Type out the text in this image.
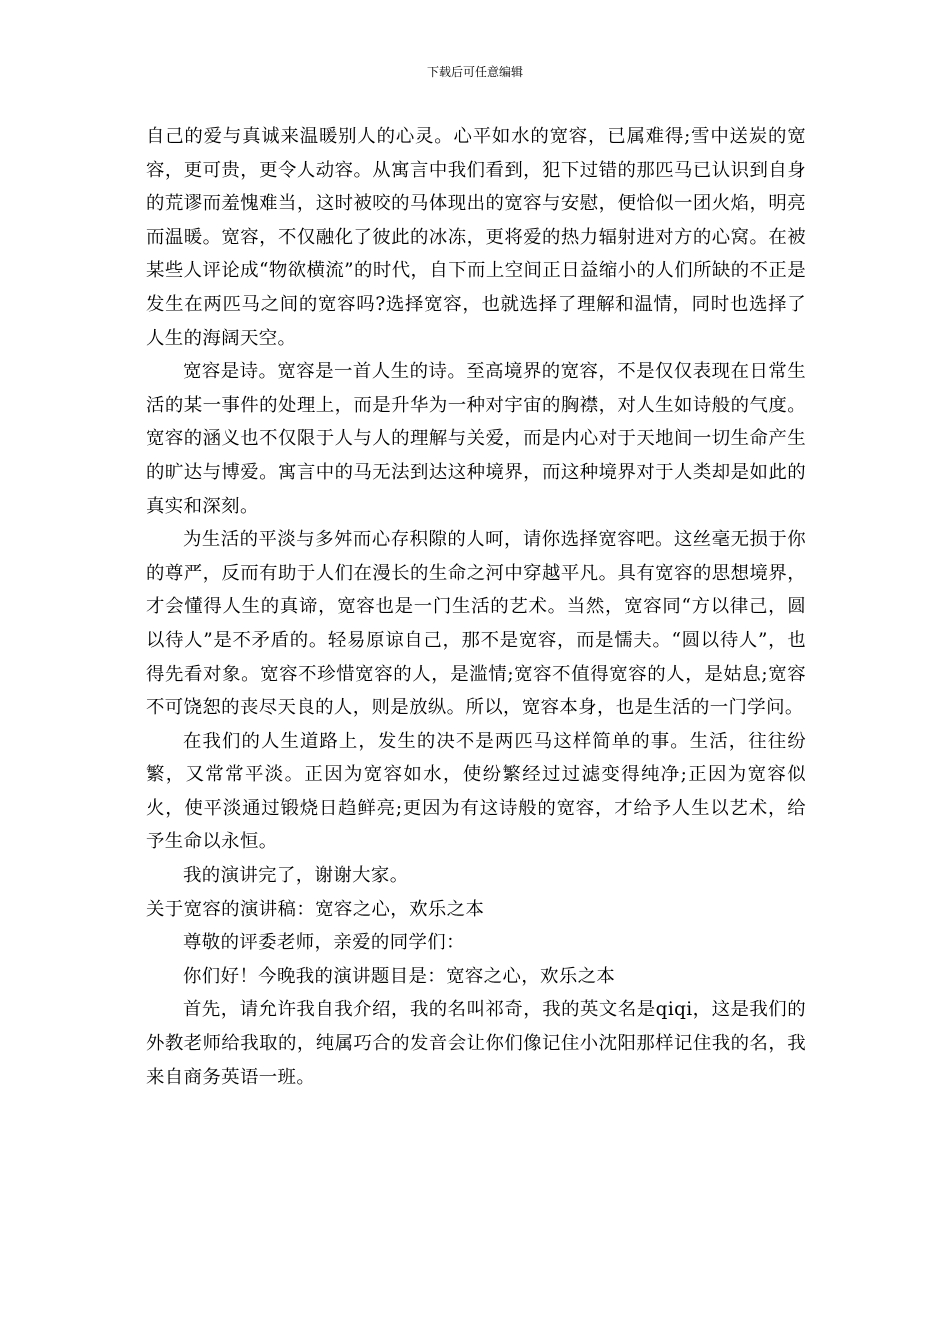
下载后可任意编辑

自己的爱与真诚来温暖别人的心灵。心平如水的宽容，已属难得;雪中送炭的宽容，更可贵，更令人动容。从寓言中我们看到，犯下过错的那匹马已认识到自身的荒谬而羞愧难当，这时被咬的马体现出的宽容与安慰，便恰似一团火焰，明亮而温暖。宽容，不仅融化了彼此的冰冻，更将爱的热力辐射进对方的心窝。在被某些人评论成“物欲横流”的时代，自下而上空间正日益缩小的人们所缺的不正是发生在两匹马之间的宽容吗?选择宽容，也就选择了理解和温情，同时也选择了人生的海阔天空。

宽容是诗。宽容是一首人生的诗。至高境界的宽容，不是仅仅表现在日常生活的某一事件的处理上，而是升华为一种对宇宙的胸襟，对人生如诗般的气度。宽容的涵义也不仅限于人与人的理解与关爱，而是内心对于天地间一切生命产生的旷达与博爱。寓言中的马无法到达这种境界，而这种境界对于人类却是如此的真实和深刻。

为生活的平淡与多舛而心存积隙的人呵，请你选择宽容吧。这丝毫无损于你的尊严，反而有助于人们在漫长的生命之河中穿越平凡。具有宽容的思想境界，才会懂得人生的真谛，宽容也是一门生活的艺术。当然，宽容同“方以律己，圆以待人”是不矛盾的。轻易原谅自己，那不是宽容，而是懦夫。“圆以待人”，也得先看对象。宽容不珍惜宽容的人，是滥情;宽容不值得宽容的人，是姑息;宽容不可饶恕的丧尽天良的人，则是放纵。所以，宽容本身，也是生活的一门学问。

在我们的人生道路上，发生的决不是两匹马这样简单的事。生活，往往纷繁，又常常平淡。正因为宽容如水，使纷繁经过过滤变得纯净;正因为宽容似火，使平淡通过锻烧日趋鲜亮;更因为有这诗般的宽容，才给予人生以艺术，给予生命以永恒。

我的演讲完了，谢谢大家。

关于宽容的演讲稿：宽容之心，欢乐之本

尊敬的评委老师，亲爱的同学们：

你们好！今晚我的演讲题目是：宽容之心，欢乐之本

首先，请允许我自我介绍，我的名叫祁奇，我的英文名是qiqi，这是我们的外教老师给我取的，纯属巧合的发音会让你们像记住小沈阳那样记住我的名，我来自商务英语一班。
